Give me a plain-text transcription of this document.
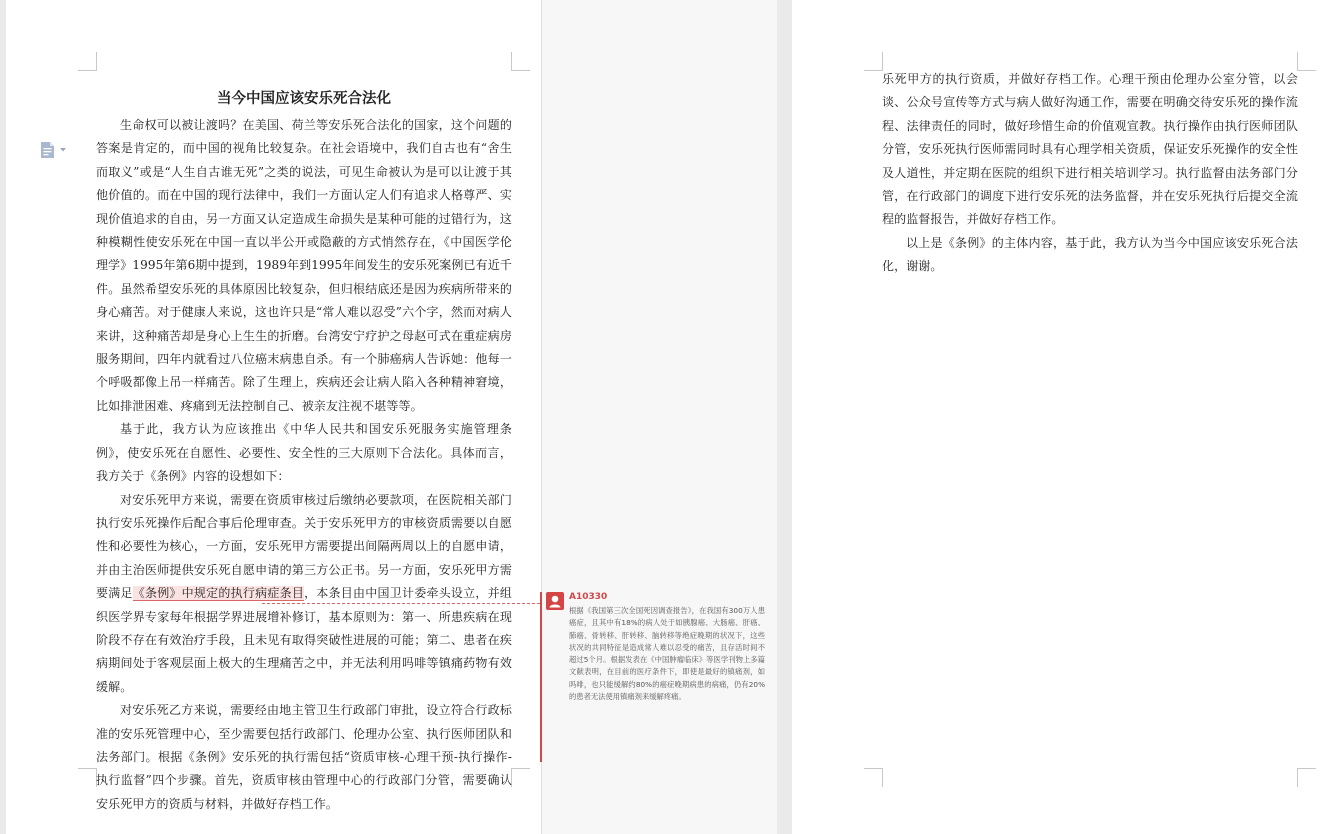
当今中国应该安乐死合法化

生命权可以被让渡吗？在美国、荷兰等安乐死合法化的国家，这个问题的答案是肯定的，而中国的视角比较复杂。在社会语境中，我们自古也有“舍生而取义”或是“人生自古谁无死”之类的说法，可见生命被认为是可以让渡于其他价值的。而在中国的现行法律中，我们一方面认定人们有追求人格尊严、实现价值追求的自由，另一方面又认定造成生命损失是某种可能的过错行为，这种模糊性使安乐死在中国一直以半公开或隐蔽的方式悄然存在，《中国医学伦理学》1995年第6期中提到，1989年到1995年间发生的安乐死案例已有近千件。虽然希望安乐死的具体原因比较复杂，但归根结底还是因为疾病所带来的身心痛苦。对于健康人来说，这也许只是“常人难以忍受”六个字，然而对病人来讲，这种痛苦却是身心上生生的折磨。台湾安宁疗护之母赵可式在重症病房服务期间，四年内就看过八位癌末病患自杀。有一个肺癌病人告诉她：他每一个呼吸都像上吊一样痛苦。除了生理上，疾病还会让病人陷入各种精神窘境，比如排泄困难、疼痛到无法控制自己、被亲友注视不堪等等。

基于此，我方认为应该推出《中华人民共和国安乐死服务实施管理条例》，使安乐死在自愿性、必要性、安全性的三大原则下合法化。具体而言，我方关于《条例》内容的设想如下：

对安乐死甲方来说，需要在资质审核过后缴纳必要款项，在医院相关部门执行安乐死操作后配合事后伦理审查。关于安乐死甲方的审核资质需要以自愿性和必要性为核心，一方面，安乐死甲方需要提出间隔两周以上的自愿申请，并由主治医师提供安乐死自愿申请的第三方公正书。另一方面，安乐死甲方需要满足《条例》中规定的执行病症条目，本条目由中国卫计委牵头设立，并组织医学界专家每年根据学界进展增补修订，基本原则为：第一、所患疾病在现阶段不存在有效治疗手段，且未见有取得突破性进展的可能；第二、患者在疾病期间处于客观层面上极大的生理痛苦之中，并无法利用吗啡等镇痛药物有效缓解。

对安乐死乙方来说，需要经由地主管卫生行政部门审批，设立符合行政标准的安乐死管理中心，至少需要包括行政部门、伦理办公室、执行医师团队和法务部门。根据《条例》安乐死的执行需包括“资质审核-心理干预-执行操作-执行监督”四个步骤。首先，资质审核由管理中心的行政部门分管，需要确认安乐死甲方的资质与材料，并做好存档工作。

A10330
根据《我国第三次全国死因调查报告》，在我国有300万人患癌症，且其中有18%的病人处于如胰腺癌、大肠癌、肝癌、肺癌、骨转移、肝转移、脑转移等绝症晚期的状况下，这些状况的共同特征是造成常人难以忍受的痛苦，且存活时间不超过5个月。根据发表在《中国肿瘤临床》等医学刊物上多篇文献表明，在目前的医疗条件下，即使是最好的镇痛剂，如吗啡，也只能缓解约80%的癌症晚期病患的病痛，仍有20%的患者无法使用镇痛剂来缓解疼痛。

乐死甲方的执行资质，并做好存档工作。心理干预由伦理办公室分管，以会谈、公众号宣传等方式与病人做好沟通工作，需要在明确交待安乐死的操作流程、法律责任的同时，做好珍惜生命的价值观宣教。执行操作由执行医师团队分管，安乐死执行医师需同时具有心理学相关资质，保证安乐死操作的安全性及人道性，并定期在医院的组织下进行相关培训学习。执行监督由法务部门分管，在行政部门的调度下进行安乐死的法务监督，并在安乐死执行后提交全流程的监督报告，并做好存档工作。

以上是《条例》的主体内容，基于此，我方认为当今中国应该安乐死合法化，谢谢。
